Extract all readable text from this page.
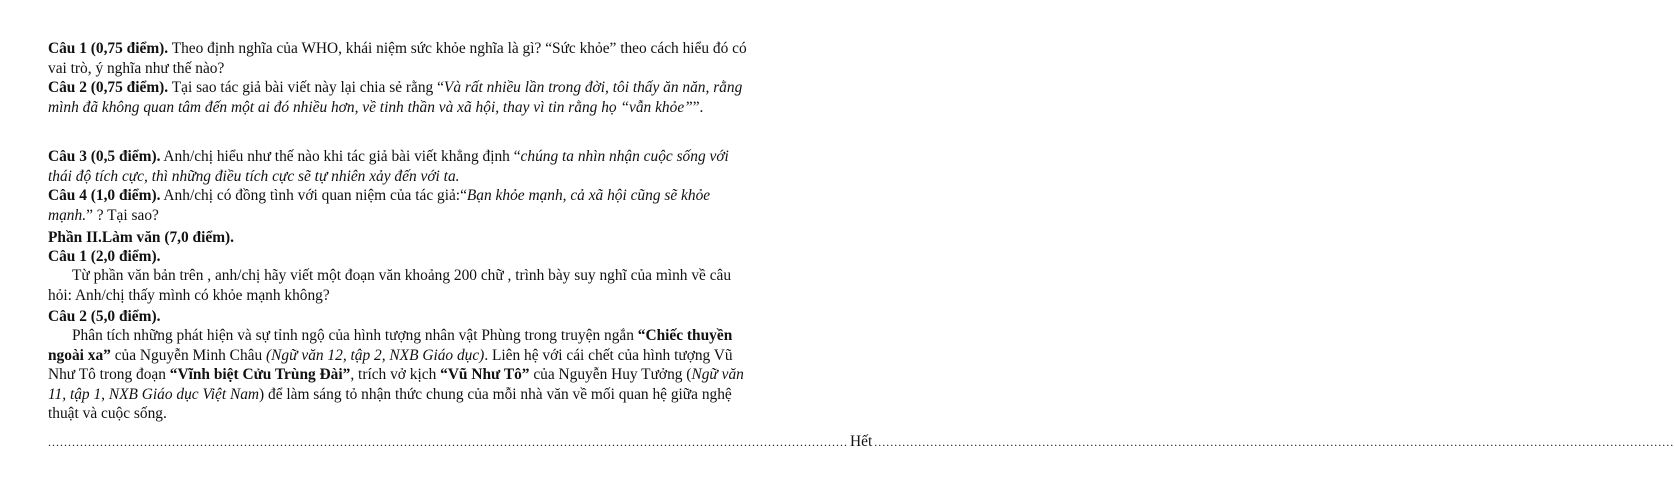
Câu 1 (0,75 điểm). Theo định nghĩa của WHO, khái niệm sức khỏe nghĩa là gì? “Sức khỏe” theo cách hiểu đó có vai trò, ý nghĩa như thế nào?

Câu 2 (0,75 điểm). Tại sao tác giả bài viết này lại chia sẻ rằng “Và rất nhiều lần trong đời, tôi thấy ăn năn, rằng mình đã không quan tâm đến một ai đó nhiều hơn, về tinh thần và xã hội, thay vì tin rằng họ “vẫn khỏe””.

Câu 3 (0,5 điểm). Anh/chị hiểu như thế nào khi tác giả bài viết khẳng định “chúng ta nhìn nhận cuộc sống với thái độ tích cực, thì những điều tích cực sẽ tự nhiên xảy đến với ta.

Câu 4 (1,0 điểm). Anh/chị có đồng tình với quan niệm của tác giả:“Bạn khỏe mạnh, cả xã hội cũng sẽ khỏe mạnh.” ? Tại sao?

Phần II.Làm văn (7,0 điểm).

Câu 1 (2,0 điểm).

Từ phần văn bản trên , anh/chị hãy viết một đoạn văn khoảng 200 chữ , trình bày suy nghĩ của mình về câu hỏi: Anh/chị thấy mình có khỏe mạnh không?

Câu 2 (5,0 điểm).

Phân tích những phát hiện và sự tỉnh ngộ của hình tượng nhân vật Phùng trong truyện ngắn “Chiếc thuyền ngoài xa” của Nguyễn Minh Châu (Ngữ văn 12, tập 2, NXB Giáo dục). Liên hệ với cái chết của hình tượng Vũ Như Tô trong đoạn “Vĩnh biệt Cửu Trùng Đài”, trích vở kịch “Vũ Như Tô” của Nguyễn Huy Tưởng (Ngữ văn 11, tập 1, NXB Giáo dục Việt Nam) để làm sáng tỏ nhận thức chung của mỗi nhà văn về mối quan hệ giữa nghệ thuật và cuộc sống.

........................................................................................................................................................................................................ Hết ........................................................................................................................................................................................................
